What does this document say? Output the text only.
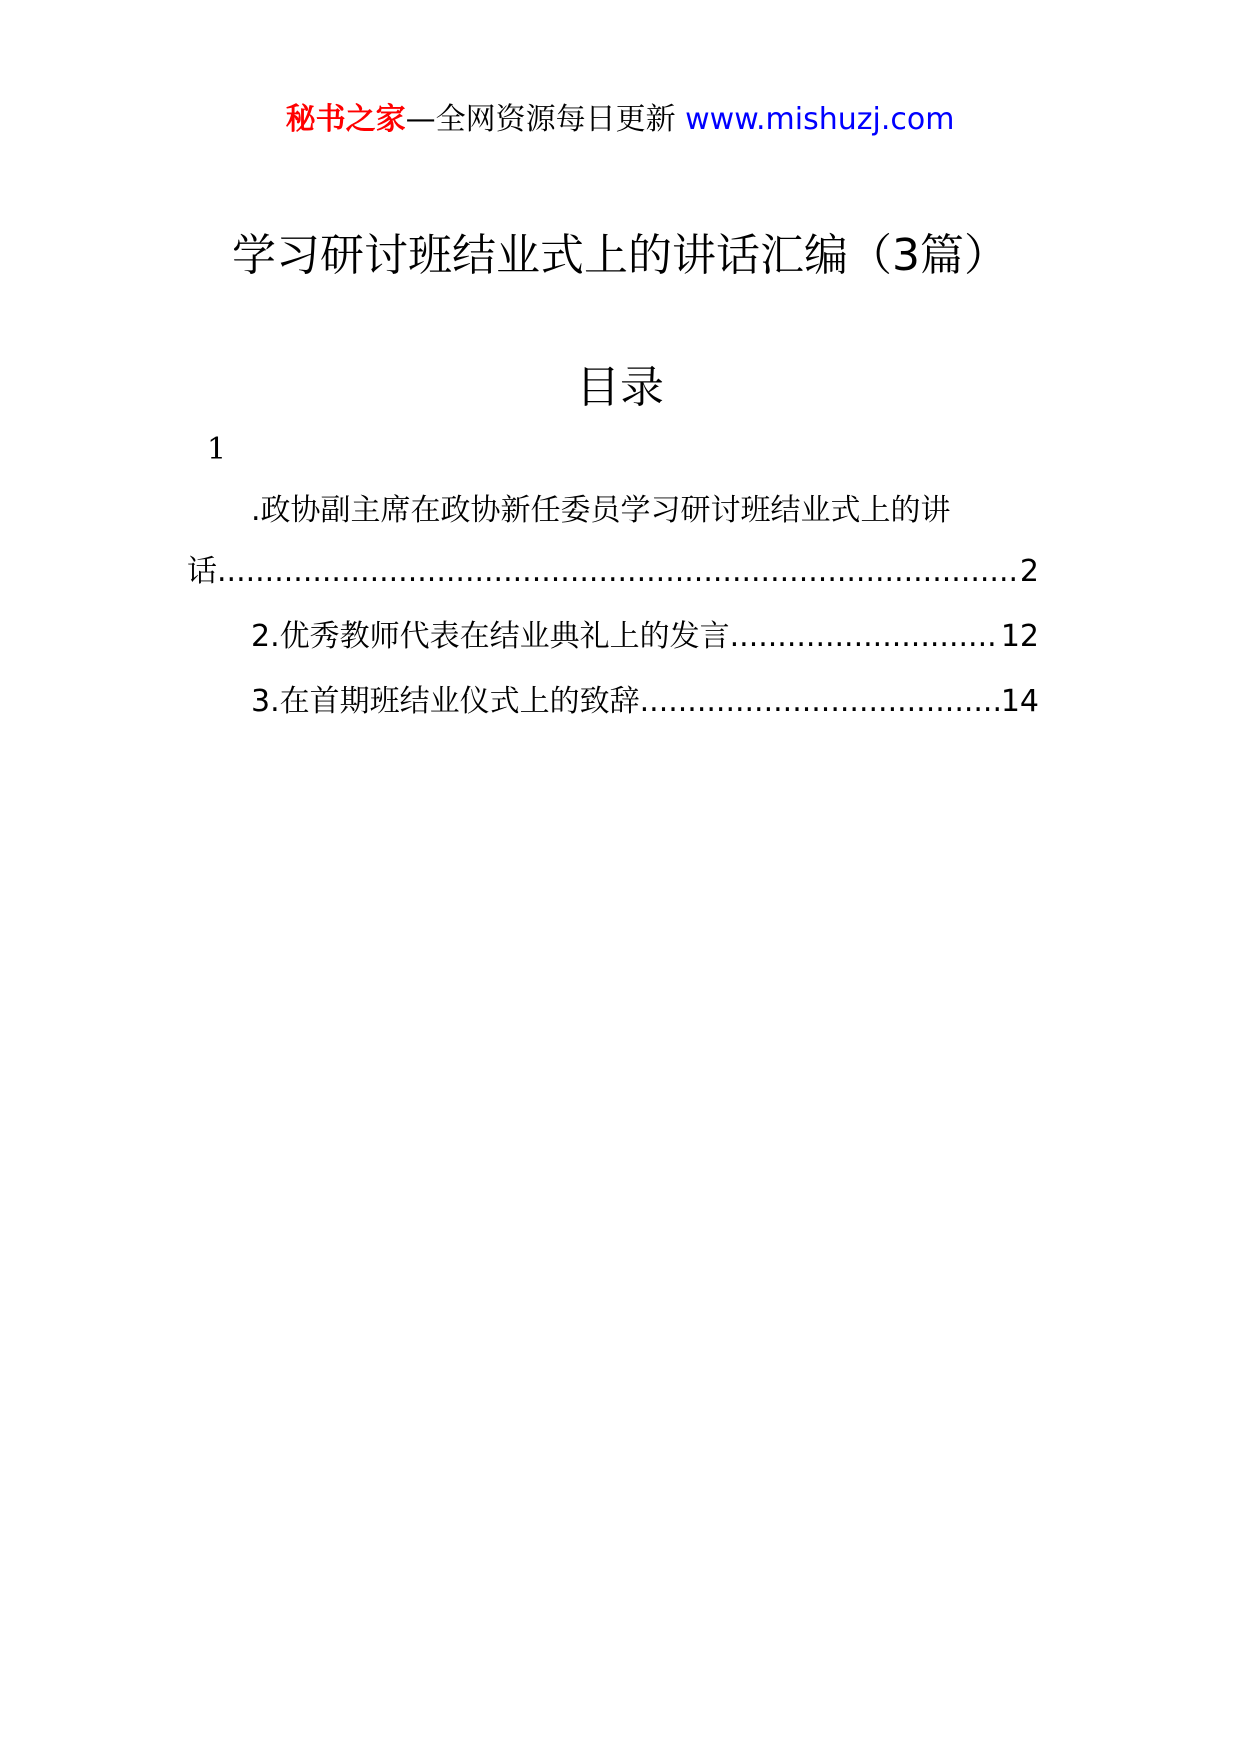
秘书之家—全网资源每日更新 www.mishuzj.com
学习研讨班结业式上的讲话汇编（3篇）
目录
1
.政协副主席在政协新任委员学习研讨班结业式上的讲
话 .....	2
2.优秀教师代表在结业典礼上的发言 .....	12
3.在首期班结业仪式上的致辞 .....	14
